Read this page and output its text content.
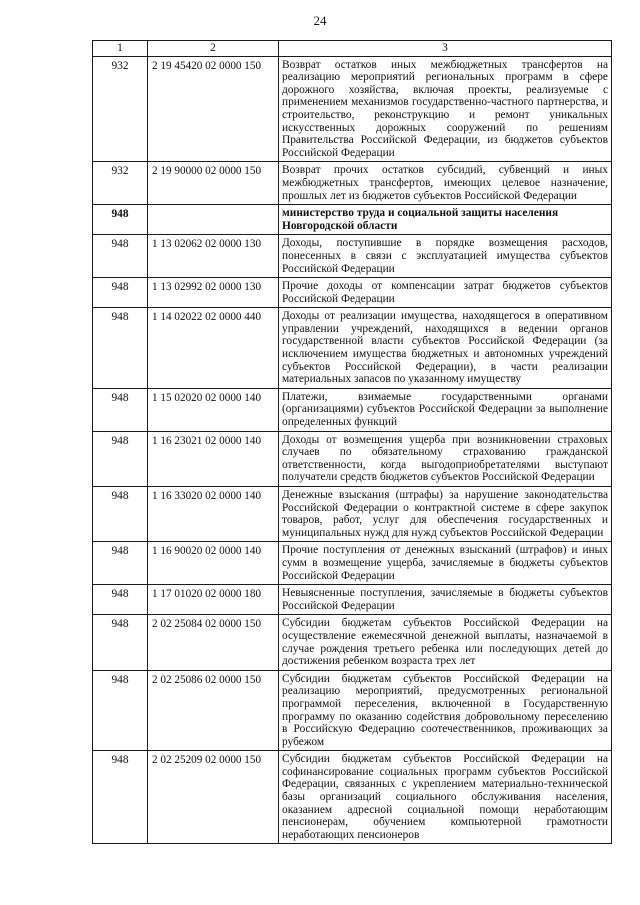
24
1	2	3
932	2 19 45420 02 0000 150	Возврат остатков иных межбюджетных трансфертов на реализацию мероприятий региональных программ в сфере дорожного хозяйства, включая проекты, реализуемые с применением механизмов государственно-частного партнерства, и строительство, реконструкцию и ремонт уникальных искусственных дорожных сооружений по решениям Правительства Российской Федерации, из бюджетов субъектов Российской Федерации
932	2 19 90000 02 0000 150	Возврат прочих остатков субсидий, субвенций и иных межбюджетных трансфертов, имеющих целевое назначение, прошлых лет из бюджетов субъектов Российской Федерации
948		министерство труда и социальной защиты населения Новгородской области
948	1 13 02062 02 0000 130	Доходы, поступившие в порядке возмещения расходов, понесенных в связи с эксплуатацией имущества субъектов Российской Федерации
948	1 13 02992 02 0000 130	Прочие доходы от компенсации затрат бюджетов субъектов Российской Федерации
948	1 14 02022 02 0000 440	Доходы от реализации имущества, находящегося в оперативном управлении учреждений, находящихся в ведении органов государственной власти субъектов Российской Федерации (за исключением имущества бюджетных и автономных учреждений субъектов Российской Федерации), в части реализации материальных запасов по указанному имуществу
948	1 15 02020 02 0000 140	Платежи, взимаемые государственными органами (организациями) субъектов Российской Федерации за выполнение определенных функций
948	1 16 23021 02 0000 140	Доходы от возмещения ущерба при возникновении страховых случаев по обязательному страхованию гражданской ответственности, когда выгодоприобретателями выступают получатели средств бюджетов субъектов Российской Федерации
948	1 16 33020 02 0000 140	Денежные взыскания (штрафы) за нарушение законодательства Российской Федерации о контрактной системе в сфере закупок товаров, работ, услуг для обеспечения государственных и муниципальных нужд для нужд субъектов Российской Федерации
948	1 16 90020 02 0000 140	Прочие поступления от денежных взысканий (штрафов) и иных сумм в возмещение ущерба, зачисляемые в бюджеты субъектов Российской Федерации
948	1 17 01020 02 0000 180	Невыясненные поступления, зачисляемые в бюджеты субъектов Российской Федерации
948	2 02 25084 02 0000 150	Субсидии бюджетам субъектов Российской Федерации на осуществление ежемесячной денежной выплаты, назначаемой в случае рождения третьего ребенка или последующих детей до достижения ребенком возраста трех лет
948	2 02 25086 02 0000 150	Субсидии бюджетам субъектов Российской Федерации на реализацию мероприятий, предусмотренных региональной программой переселения, включенной в Государственную программу по оказанию содействия добровольному переселению в Российскую Федерацию соотечественников, проживающих за рубежом
948	2 02 25209 02 0000 150	Субсидии бюджетам субъектов Российской Федерации на софинансирование социальных программ субъектов Российской Федерации, связанных с укреплением материально-технической базы организаций социального обслуживания населения, оказанием адресной социальной помощи неработающим пенсионерам, обучением компьютерной грамотности неработающих пенсионеров
